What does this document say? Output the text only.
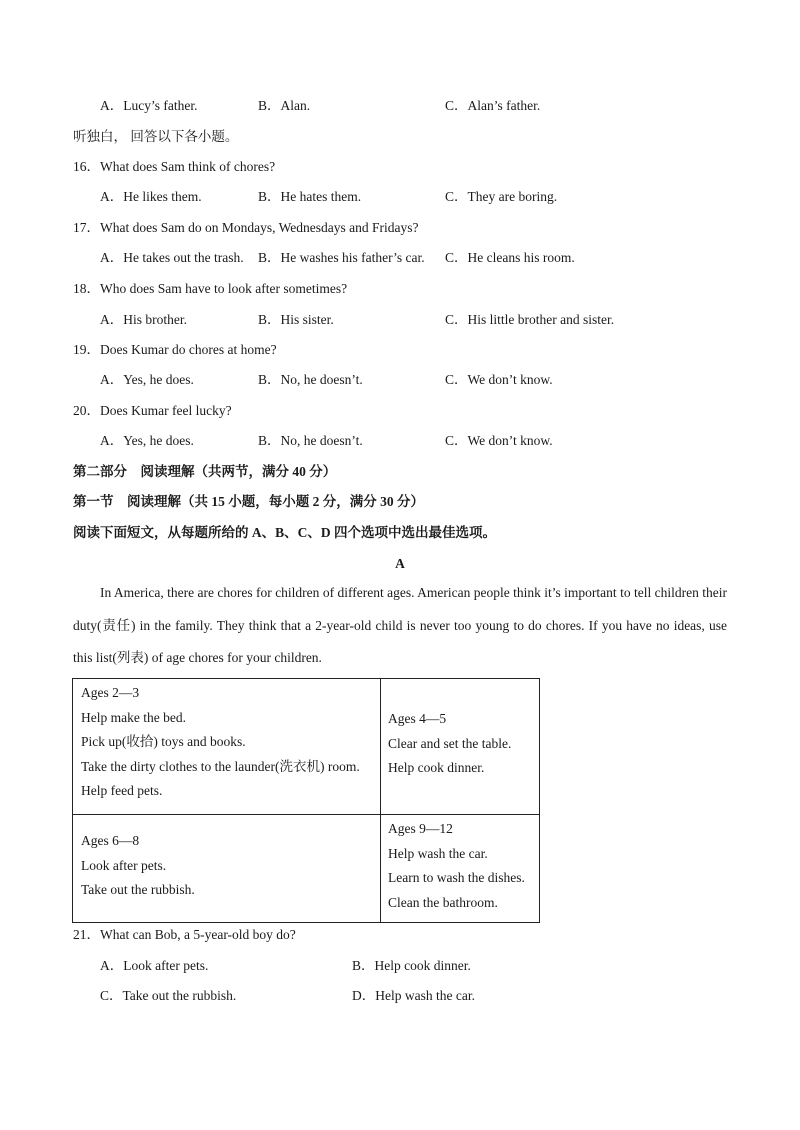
A．Lucy’s father.	B．Alan.	C．Alan’s father.
听独白， 回答以下各小题。
16．What does Sam think of chores?
A．He likes them.	B．He hates them.	C．They are boring.
17．What does Sam do on Mondays, Wednesdays and Fridays?
A．He takes out the trash. B．He washes his father’s car. C．He cleans his room.
18．Who does Sam have to look after sometimes?
A．His brother.	B．His sister.	C．His little brother and sister.
19．Does Kumar do chores at home?
A．Yes, he does.	B．No, he doesn’t.	C．We don’t know.
20．Does Kumar feel lucky?
A．Yes, he does.	B．No, he doesn’t.	C．We don’t know.
第二部分　阅读理解（共两节，满分 40 分）
第一节　阅读理解（共 15 小题，每小题 2 分，满分 30 分）
阅读下面短文，从每题所给的 A、B、C、D 四个选项中选出最佳选项。
A
In America, there are chores for children of different ages. American people think it’s important to tell children their duty(责任) in the family. They think that a 2-year-old child is never too young to do chores. If you have no ideas, use this list(列表) of age chores for your children.
Ages 2—3
Help make the bed.
Pick up(收拾) toys and books.
Take the dirty clothes to the launder(洗衣机) room.
Help feed pets.
Ages 4—5
Clear and set the table.
Help cook dinner.
Ages 6—8
Look after pets.
Take out the rubbish.
Ages 9—12
Help wash the car.
Learn to wash the dishes.
Clean the bathroom.
21．What can Bob, a 5-year-old boy do?
A．Look after pets.	B．Help cook dinner.
C．Take out the rubbish.	D．Help wash the car.
